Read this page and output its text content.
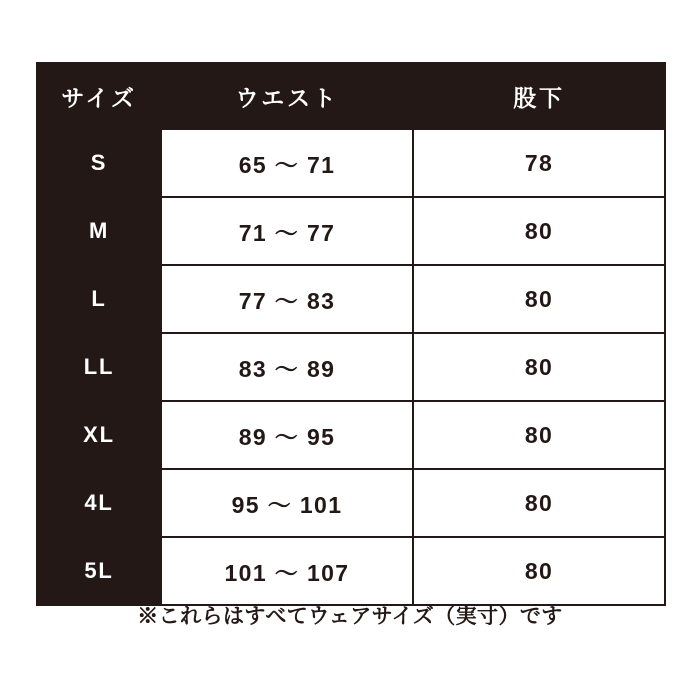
サイズ	ウエスト	股下
S	65 〜 71	78
M	71 〜 77	80
L	77 〜 83	80
LL	83 〜 89	80
XL	89 〜 95	80
4L	95 〜 101	80
5L	101 〜 107	80
※これらはすべてウェアサイズ（実寸）です
